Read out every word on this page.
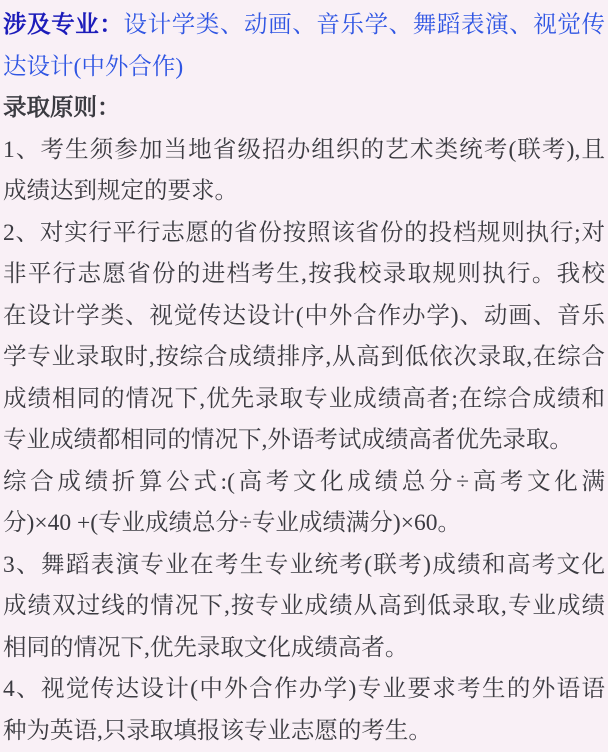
涉及专业：设计学类、动画、音乐学、舞蹈表演、视觉传
达设计(中外合作)
录取原则：
1、考生须参加当地省级招办组织的艺术类统考(联考),且
成绩达到规定的要求。
2、对实行平行志愿的省份按照该省份的投档规则执行;对
非平行志愿省份的进档考生,按我校录取规则执行。我校
在设计学类、视觉传达设计(中外合作办学)、动画、音乐
学专业录取时,按综合成绩排序,从高到低依次录取,在综合
成绩相同的情况下,优先录取专业成绩高者;在综合成绩和
专业成绩都相同的情况下,外语考试成绩高者优先录取。
综合成绩折算公式:(高考文化成绩总分÷高考文化满
分)×40 +(专业成绩总分÷专业成绩满分)×60。
3、舞蹈表演专业在考生专业统考(联考)成绩和高考文化
成绩双过线的情况下,按专业成绩从高到低录取,专业成绩
相同的情况下,优先录取文化成绩高者。
4、视觉传达设计(中外合作办学)专业要求考生的外语语
种为英语,只录取填报该专业志愿的考生。
